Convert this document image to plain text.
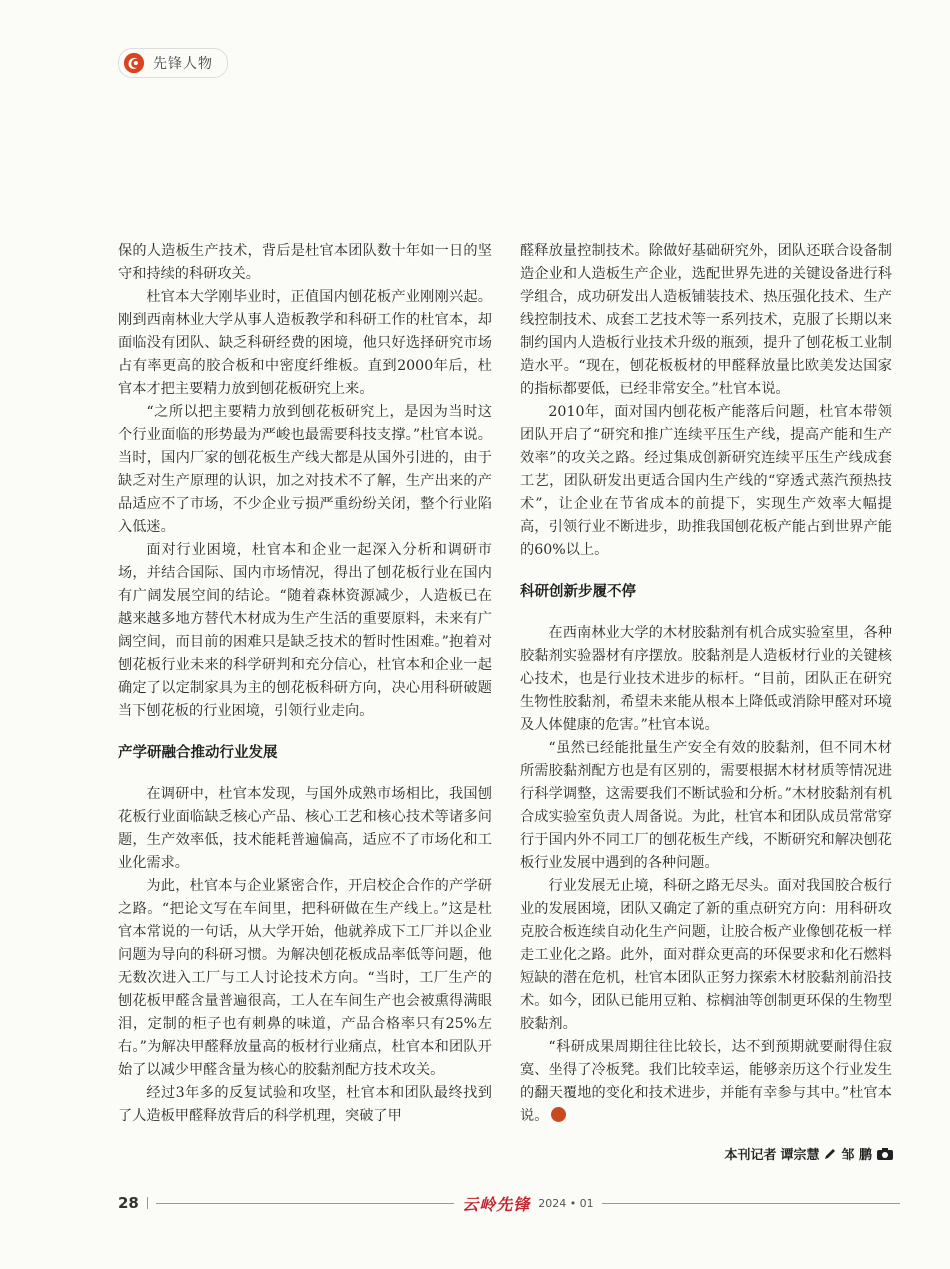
先锋人物

保的人造板生产技术，背后是杜官本团队数十年如一日的坚守和持续的科研攻关。

杜官本大学刚毕业时，正值国内刨花板产业刚刚兴起。刚到西南林业大学从事人造板教学和科研工作的杜官本，却面临没有团队、缺乏科研经费的困境，他只好选择研究市场占有率更高的胶合板和中密度纤维板。直到2000年后，杜官本才把主要精力放到刨花板研究上来。

“之所以把主要精力放到刨花板研究上，是因为当时这个行业面临的形势最为严峻也最需要科技支撑。”杜官本说。当时，国内厂家的刨花板生产线大都是从国外引进的，由于缺乏对生产原理的认识，加之对技术不了解，生产出来的产品适应不了市场，不少企业亏损严重纷纷关闭，整个行业陷入低迷。

面对行业困境，杜官本和企业一起深入分析和调研市场，并结合国际、国内市场情况，得出了刨花板行业在国内有广阔发展空间的结论。“随着森林资源减少，人造板已在越来越多地方替代木材成为生产生活的重要原料，未来有广阔空间，而目前的困难只是缺乏技术的暂时性困难。”抱着对刨花板行业未来的科学研判和充分信心，杜官本和企业一起确定了以定制家具为主的刨花板科研方向，决心用科研破题当下刨花板的行业困境，引领行业走向。

产学研融合推动行业发展

在调研中，杜官本发现，与国外成熟市场相比，我国刨花板行业面临缺乏核心产品、核心工艺和核心技术等诸多问题，生产效率低，技术能耗普遍偏高，适应不了市场化和工业化需求。

为此，杜官本与企业紧密合作，开启校企合作的产学研之路。“把论文写在车间里，把科研做在生产线上。”这是杜官本常说的一句话，从大学开始，他就养成下工厂并以企业问题为导向的科研习惯。为解决刨花板成品率低等问题，他无数次进入工厂与工人讨论技术方向。“当时，工厂生产的刨花板甲醛含量普遍很高，工人在车间生产也会被熏得满眼泪，定制的柜子也有刺鼻的味道，产品合格率只有25%左右。”为解决甲醛释放量高的板材行业痛点，杜官本和团队开始了以减少甲醛含量为核心的胶黏剂配方技术攻关。

经过3年多的反复试验和攻坚，杜官本和团队最终找到了人造板甲醛释放背后的科学机理，突破了甲

醛释放量控制技术。除做好基础研究外，团队还联合设备制造企业和人造板生产企业，选配世界先进的关键设备进行科学组合，成功研发出人造板铺装技术、热压强化技术、生产线控制技术、成套工艺技术等一系列技术，克服了长期以来制约国内人造板行业技术升级的瓶颈，提升了刨花板工业制造水平。“现在，刨花板板材的甲醛释放量比欧美发达国家的指标都要低，已经非常安全。”杜官本说。

2010年，面对国内刨花板产能落后问题，杜官本带领团队开启了“研究和推广连续平压生产线，提高产能和生产效率”的攻关之路。经过集成创新研究连续平压生产线成套工艺，团队研发出更适合国内生产线的“穿透式蒸汽预热技术”，让企业在节省成本的前提下，实现生产效率大幅提高，引领行业不断进步，助推我国刨花板产能占到世界产能的60%以上。

科研创新步履不停

在西南林业大学的木材胶黏剂有机合成实验室里，各种胶黏剂实验器材有序摆放。胶黏剂是人造板材行业的关键核心技术，也是行业技术进步的标杆。“目前，团队正在研究生物性胶黏剂，希望未来能从根本上降低或消除甲醛对环境及人体健康的危害。”杜官本说。

“虽然已经能批量生产安全有效的胶黏剂，但不同木材所需胶黏剂配方也是有区别的，需要根据木材材质等情况进行科学调整，这需要我们不断试验和分析。”木材胶黏剂有机合成实验室负责人周备说。为此，杜官本和团队成员常常穿行于国内外不同工厂的刨花板生产线，不断研究和解决刨花板行业发展中遇到的各种问题。

行业发展无止境，科研之路无尽头。面对我国胶合板行业的发展困境，团队又确定了新的重点研究方向：用科研攻克胶合板连续自动化生产问题，让胶合板产业像刨花板一样走工业化之路。此外，面对群众更高的环保要求和化石燃料短缺的潜在危机，杜官本团队正努力探索木材胶黏剂前沿技术。如今，团队已能用豆粕、棕榈油等创制更环保的生物型胶黏剂。

“科研成果周期往往比较长，达不到预期就要耐得住寂寞、坐得了冷板凳。我们比较幸运，能够亲历这个行业发生的翻天覆地的变化和技术进步，并能有幸参与其中。”杜官本说。

本刊记者 谭宗慧 邹 鹏
28	云岭先锋 2024 • 01
